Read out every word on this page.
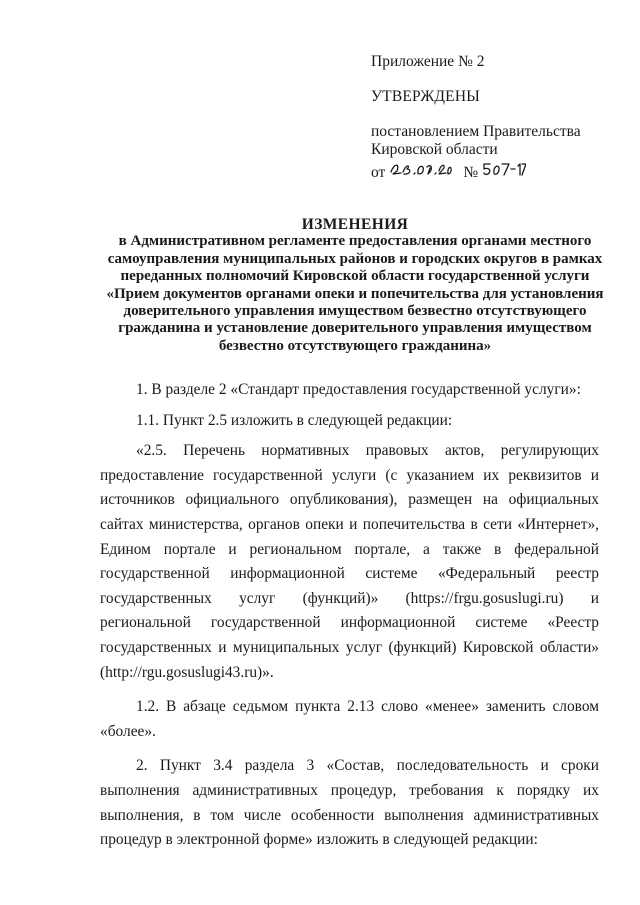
Приложение № 2

УТВЕРЖДЕНЫ

постановлением Правительства
Кировской области
от	№

ИЗМЕНЕНИЯ

в Административном регламенте предоставления органами местного самоуправления муниципальных районов и городских округов в рамках переданных полномочий Кировской области государственной услуги «Прием документов органами опеки и попечительства для установления доверительного управления имуществом безвестно отсутствующего гражданина и установление доверительного управления имуществом безвестно отсутствующего гражданина»

1. В разделе 2 «Стандарт предоставления государственной услуги»:

1.1. Пункт 2.5 изложить в следующей редакции:

«2.5. Перечень нормативных правовых актов, регулирующих предоставление государственной услуги (с указанием их реквизитов и источников официального опубликования), размещен на официальных сайтах министерства, органов опеки и попечительства в сети «Интернет», Едином портале и региональном портале, а также в федеральной государственной информационной системе «Федеральный реестр государственных услуг (функций)» (https://frgu.gosuslugi.ru) и региональной государственной информационной системе «Реестр государственных и муниципальных услуг (функций) Кировской области» (http://rgu.gosuslugi43.ru)».

1.2. В абзаце седьмом пункта 2.13 слово «менее» заменить словом «более».

2. Пункт 3.4 раздела 3 «Состав, последовательность и сроки выполнения административных процедур, требования к порядку их выполнения, в том числе особенности выполнения административных процедур в электронной форме» изложить в следующей редакции:
